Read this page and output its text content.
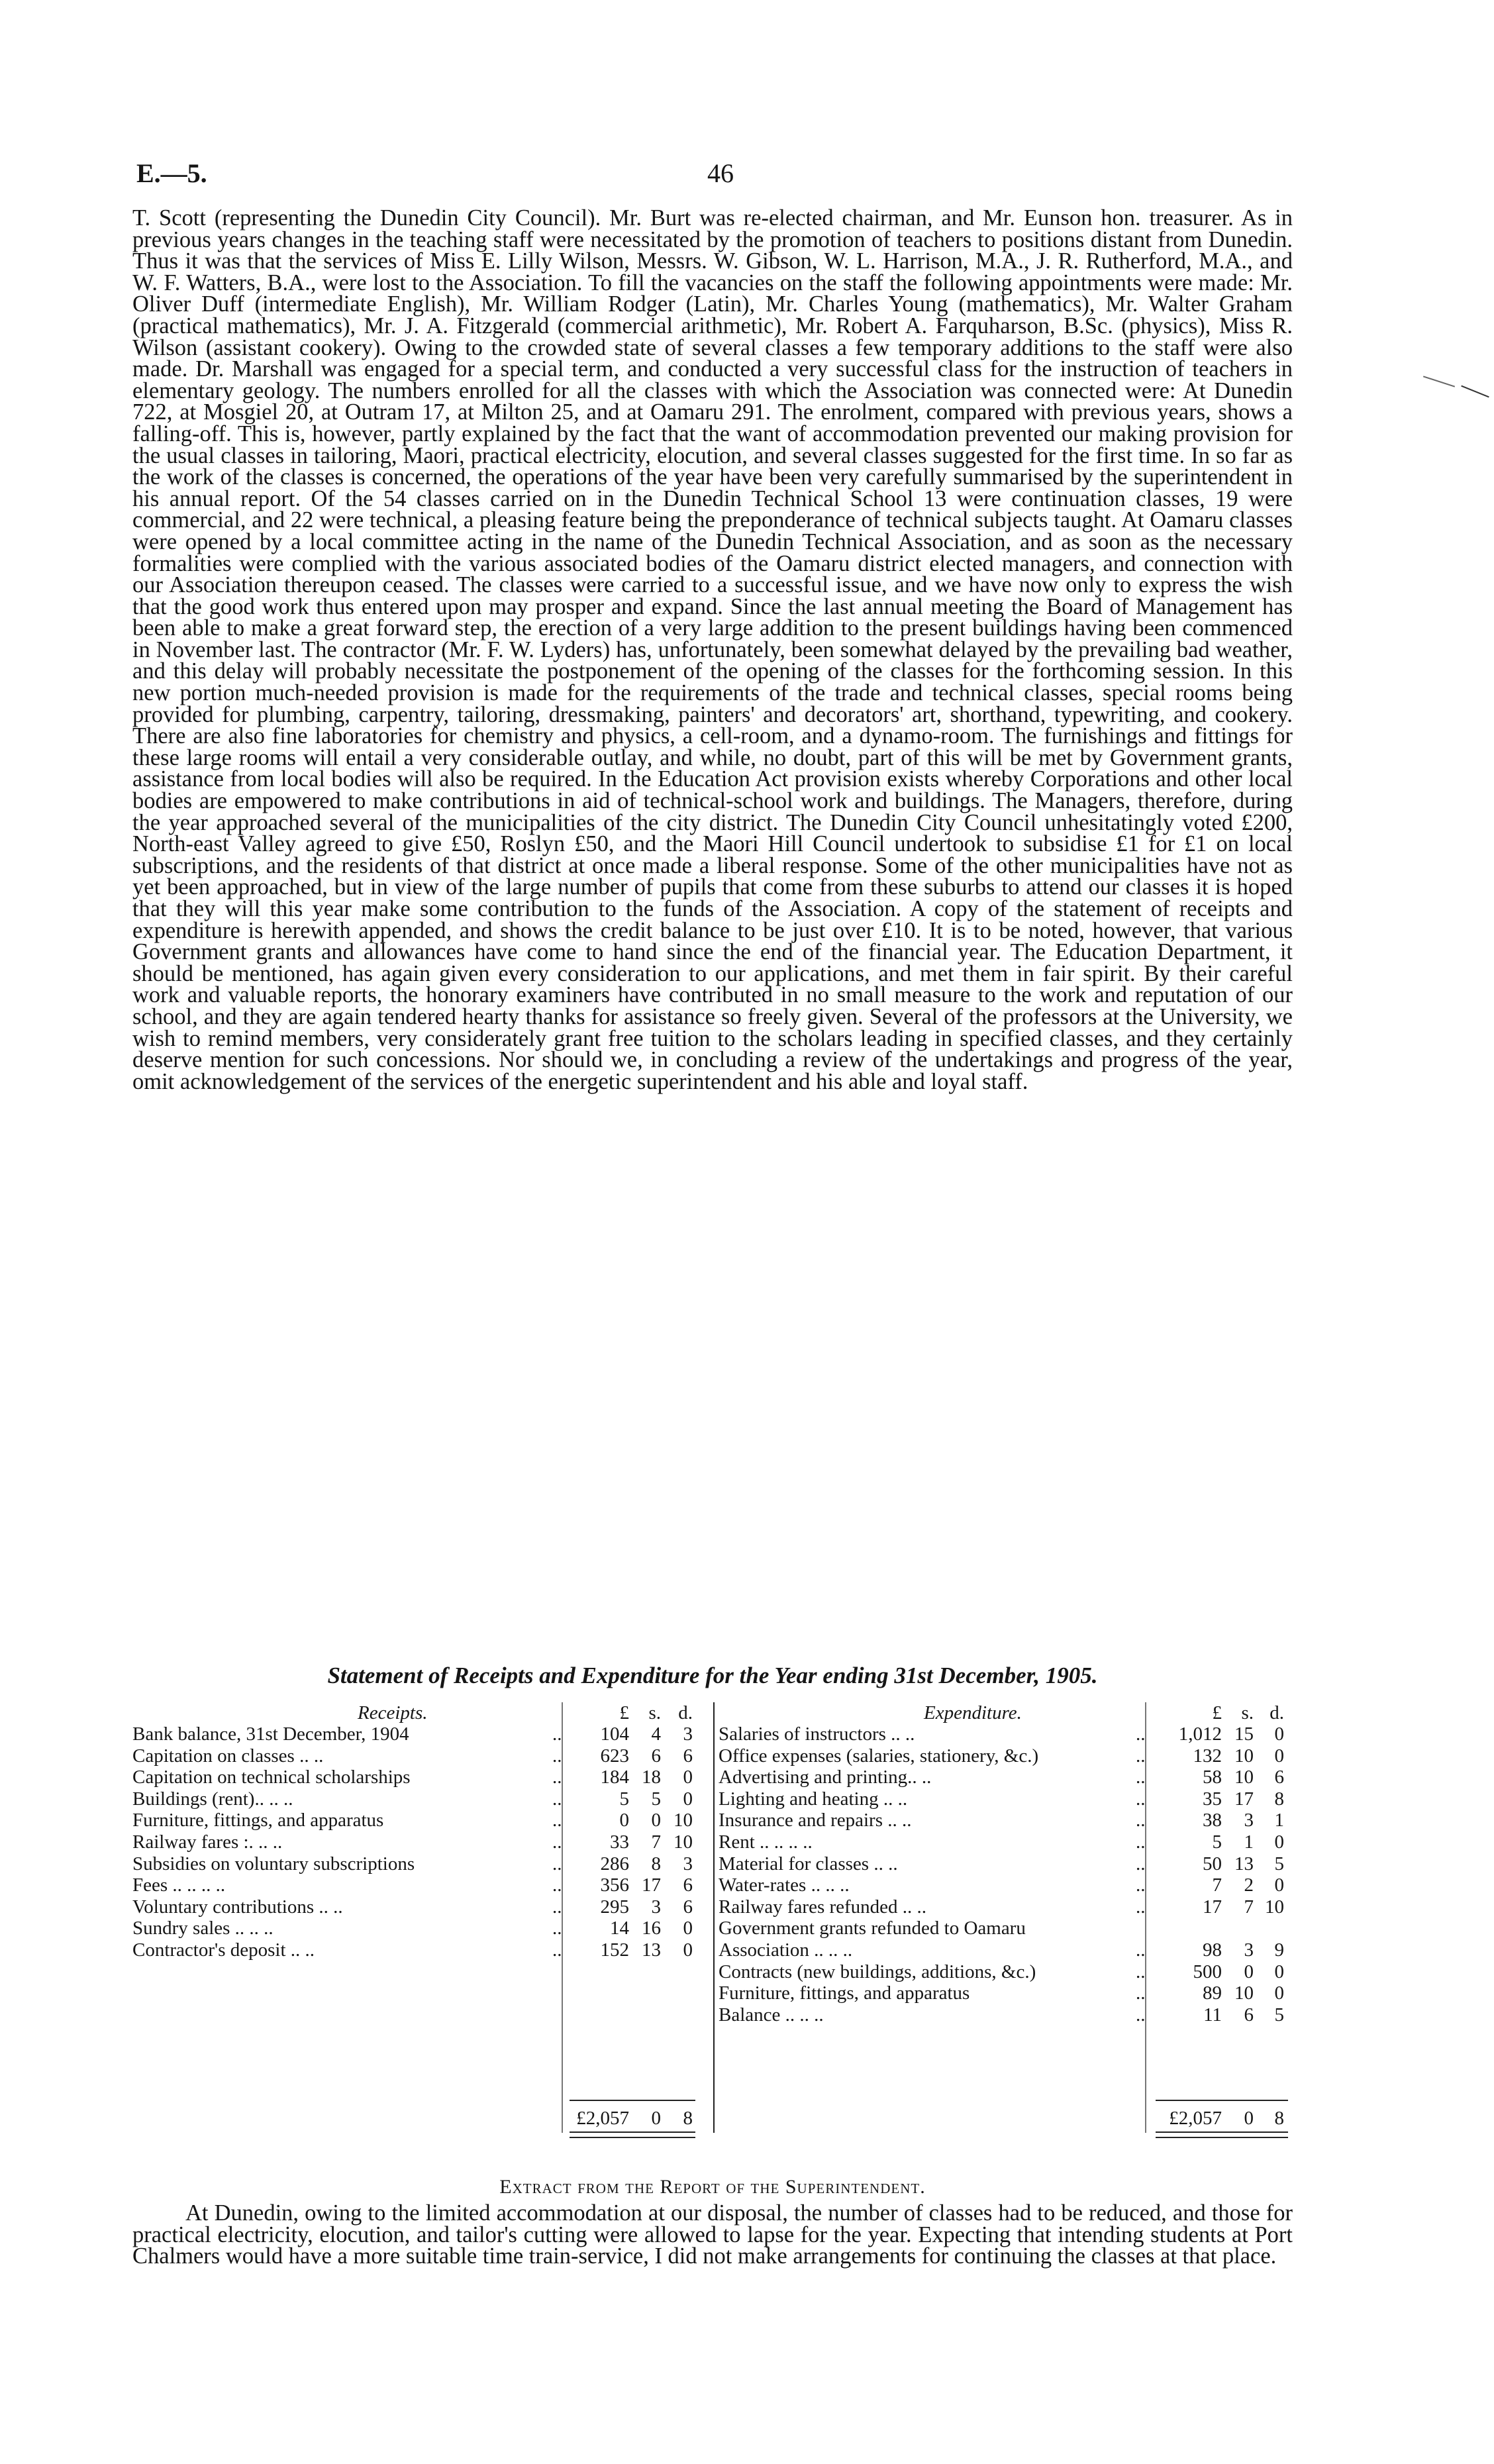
E.—5.	46

T. Scott (representing the Dunedin City Council). Mr. Burt was re-elected chairman, and Mr. Eunson hon. treasurer. As in previous years changes in the teaching staff were necessitated by the promotion of teachers to positions distant from Dunedin. Thus it was that the services of Miss E. Lilly Wilson, Messrs. W. Gibson, W. L. Harrison, M.A., J. R. Rutherford, M.A., and W. F. Watters, B.A., were lost to the Association. To fill the vacancies on the staff the following appointments were made: Mr. Oliver Duff (intermediate English), Mr. William Rodger (Latin), Mr. Charles Young (mathematics), Mr. Walter Graham (practical mathematics), Mr. J. A. Fitzgerald (commercial arithmetic), Mr. Robert A. Farquharson, B.Sc. (physics), Miss R. Wilson (assistant cookery). Owing to the crowded state of several classes a few temporary additions to the staff were also made. Dr. Marshall was engaged for a special term, and conducted a very successful class for the instruction of teachers in elementary geology. The numbers enrolled for all the classes with which the Association was connected were: At Dunedin 722, at Mosgiel 20, at Outram 17, at Milton 25, and at Oamaru 291. The enrolment, compared with previous years, shows a falling-off. This is, however, partly explained by the fact that the want of accommodation prevented our making provision for the usual classes in tailoring, Maori, practical electricity, elocution, and several classes suggested for the first time. In so far as the work of the classes is concerned, the operations of the year have been very carefully summarised by the superintendent in his annual report. Of the 54 classes carried on in the Dunedin Technical School 13 were continuation classes, 19 were commercial, and 22 were technical, a pleasing feature being the preponderance of technical subjects taught. At Oamaru classes were opened by a local committee acting in the name of the Dunedin Technical Association, and as soon as the necessary formalities were complied with the various associated bodies of the Oamaru district elected managers, and connection with our Association thereupon ceased. The classes were carried to a successful issue, and we have now only to express the wish that the good work thus entered upon may prosper and expand. Since the last annual meeting the Board of Management has been able to make a great forward step, the erection of a very large addition to the present buildings having been commenced in November last. The contractor (Mr. F. W. Lyders) has, unfortunately, been somewhat delayed by the prevailing bad weather, and this delay will probably necessitate the postponement of the opening of the classes for the forthcoming session. In this new portion much-needed provision is made for the requirements of the trade and technical classes, special rooms being provided for plumbing, carpentry, tailoring, dressmaking, painters' and decorators' art, shorthand, typewriting, and cookery. There are also fine laboratories for chemistry and physics, a cell-room, and a dynamo-room. The furnishings and fittings for these large rooms will entail a very considerable outlay, and while, no doubt, part of this will be met by Government grants, assistance from local bodies will also be required. In the Education Act provision exists whereby Corporations and other local bodies are empowered to make contributions in aid of technical-school work and buildings. The Managers, therefore, during the year approached several of the municipalities of the city district. The Dunedin City Council unhesitatingly voted £200, North-east Valley agreed to give £50, Roslyn £50, and the Maori Hill Council undertook to subsidise £1 for £1 on local subscriptions, and the residents of that district at once made a liberal response. Some of the other municipalities have not as yet been approached, but in view of the large number of pupils that come from these suburbs to attend our classes it is hoped that they will this year make some contribution to the funds of the Association. A copy of the statement of receipts and expenditure is herewith appended, and shows the credit balance to be just over £10. It is to be noted, however, that various Government grants and allowances have come to hand since the end of the financial year. The Education Department, it should be mentioned, has again given every consideration to our applications, and met them in fair spirit. By their careful work and valuable reports, the honorary examiners have contributed in no small measure to the work and reputation of our school, and they are again tendered hearty thanks for assistance so freely given. Several of the professors at the University, we wish to remind members, very considerately grant free tuition to the scholars leading in specified classes, and they certainly deserve mention for such concessions. Nor should we, in concluding a review of the undertakings and progress of the year, omit acknowledgement of the services of the energetic superintendent and his able and loyal staff.

Statement of Receipts and Expenditure for the Year ending 31st December, 1905.
Receipts.	£	s. d.
Bank balance, 31st December, 1904	..	104	4	3
Capitation on classes .. ..	..	623	6	6
Capitation on technical scholarships	..	184 18	0
Buildings (rent).. .. ..	..	5	5	0
Furniture, fittings, and apparatus	..	0	0 10
Railway fares :. .. ..	..	33	7 10
Subsidies on voluntary subscriptions	..	286	8	3
Fees .. .. .. ..	..	356 17	6
Voluntary contributions .. ..	..	295	3	6
Sundry sales .. .. ..	..	14 16	0
Contractor's deposit .. ..	..	152 13	0
£2,057	0	8
Expenditure.	£	s. d.
Salaries of instructors .. ..	..	1,012 15	0
Office expenses (salaries, stationery, &c.)	..	132 10	0
Advertising and printing.. ..	..	58 10	6
Lighting and heating .. ..	..	35 17	8
Insurance and repairs .. ..	..	38	3	1
Rent .. .. .. ..	..	5	1	0
Material for classes .. ..	..	50 13	5
Water-rates .. .. ..	..	7	2	0
Railway fares refunded .. ..	..	17	7 10
Government grants refunded to Oamaru
Association .. .. ..	..	98	3	9
Contracts (new buildings, additions, &c.)	..	500	0	0
Furniture, fittings, and apparatus	..	89 10	0
Balance .. .. ..	..	11	6	5
£2,057	0	8
Extract from the Report of the Superintendent.

At Dunedin, owing to the limited accommodation at our disposal, the number of classes had to be reduced, and those for practical electricity, elocution, and tailor's cutting were allowed to lapse for the year. Expecting that intending students at Port Chalmers would have a more suitable time train-service, I did not make arrangements for continuing the classes at that place.
